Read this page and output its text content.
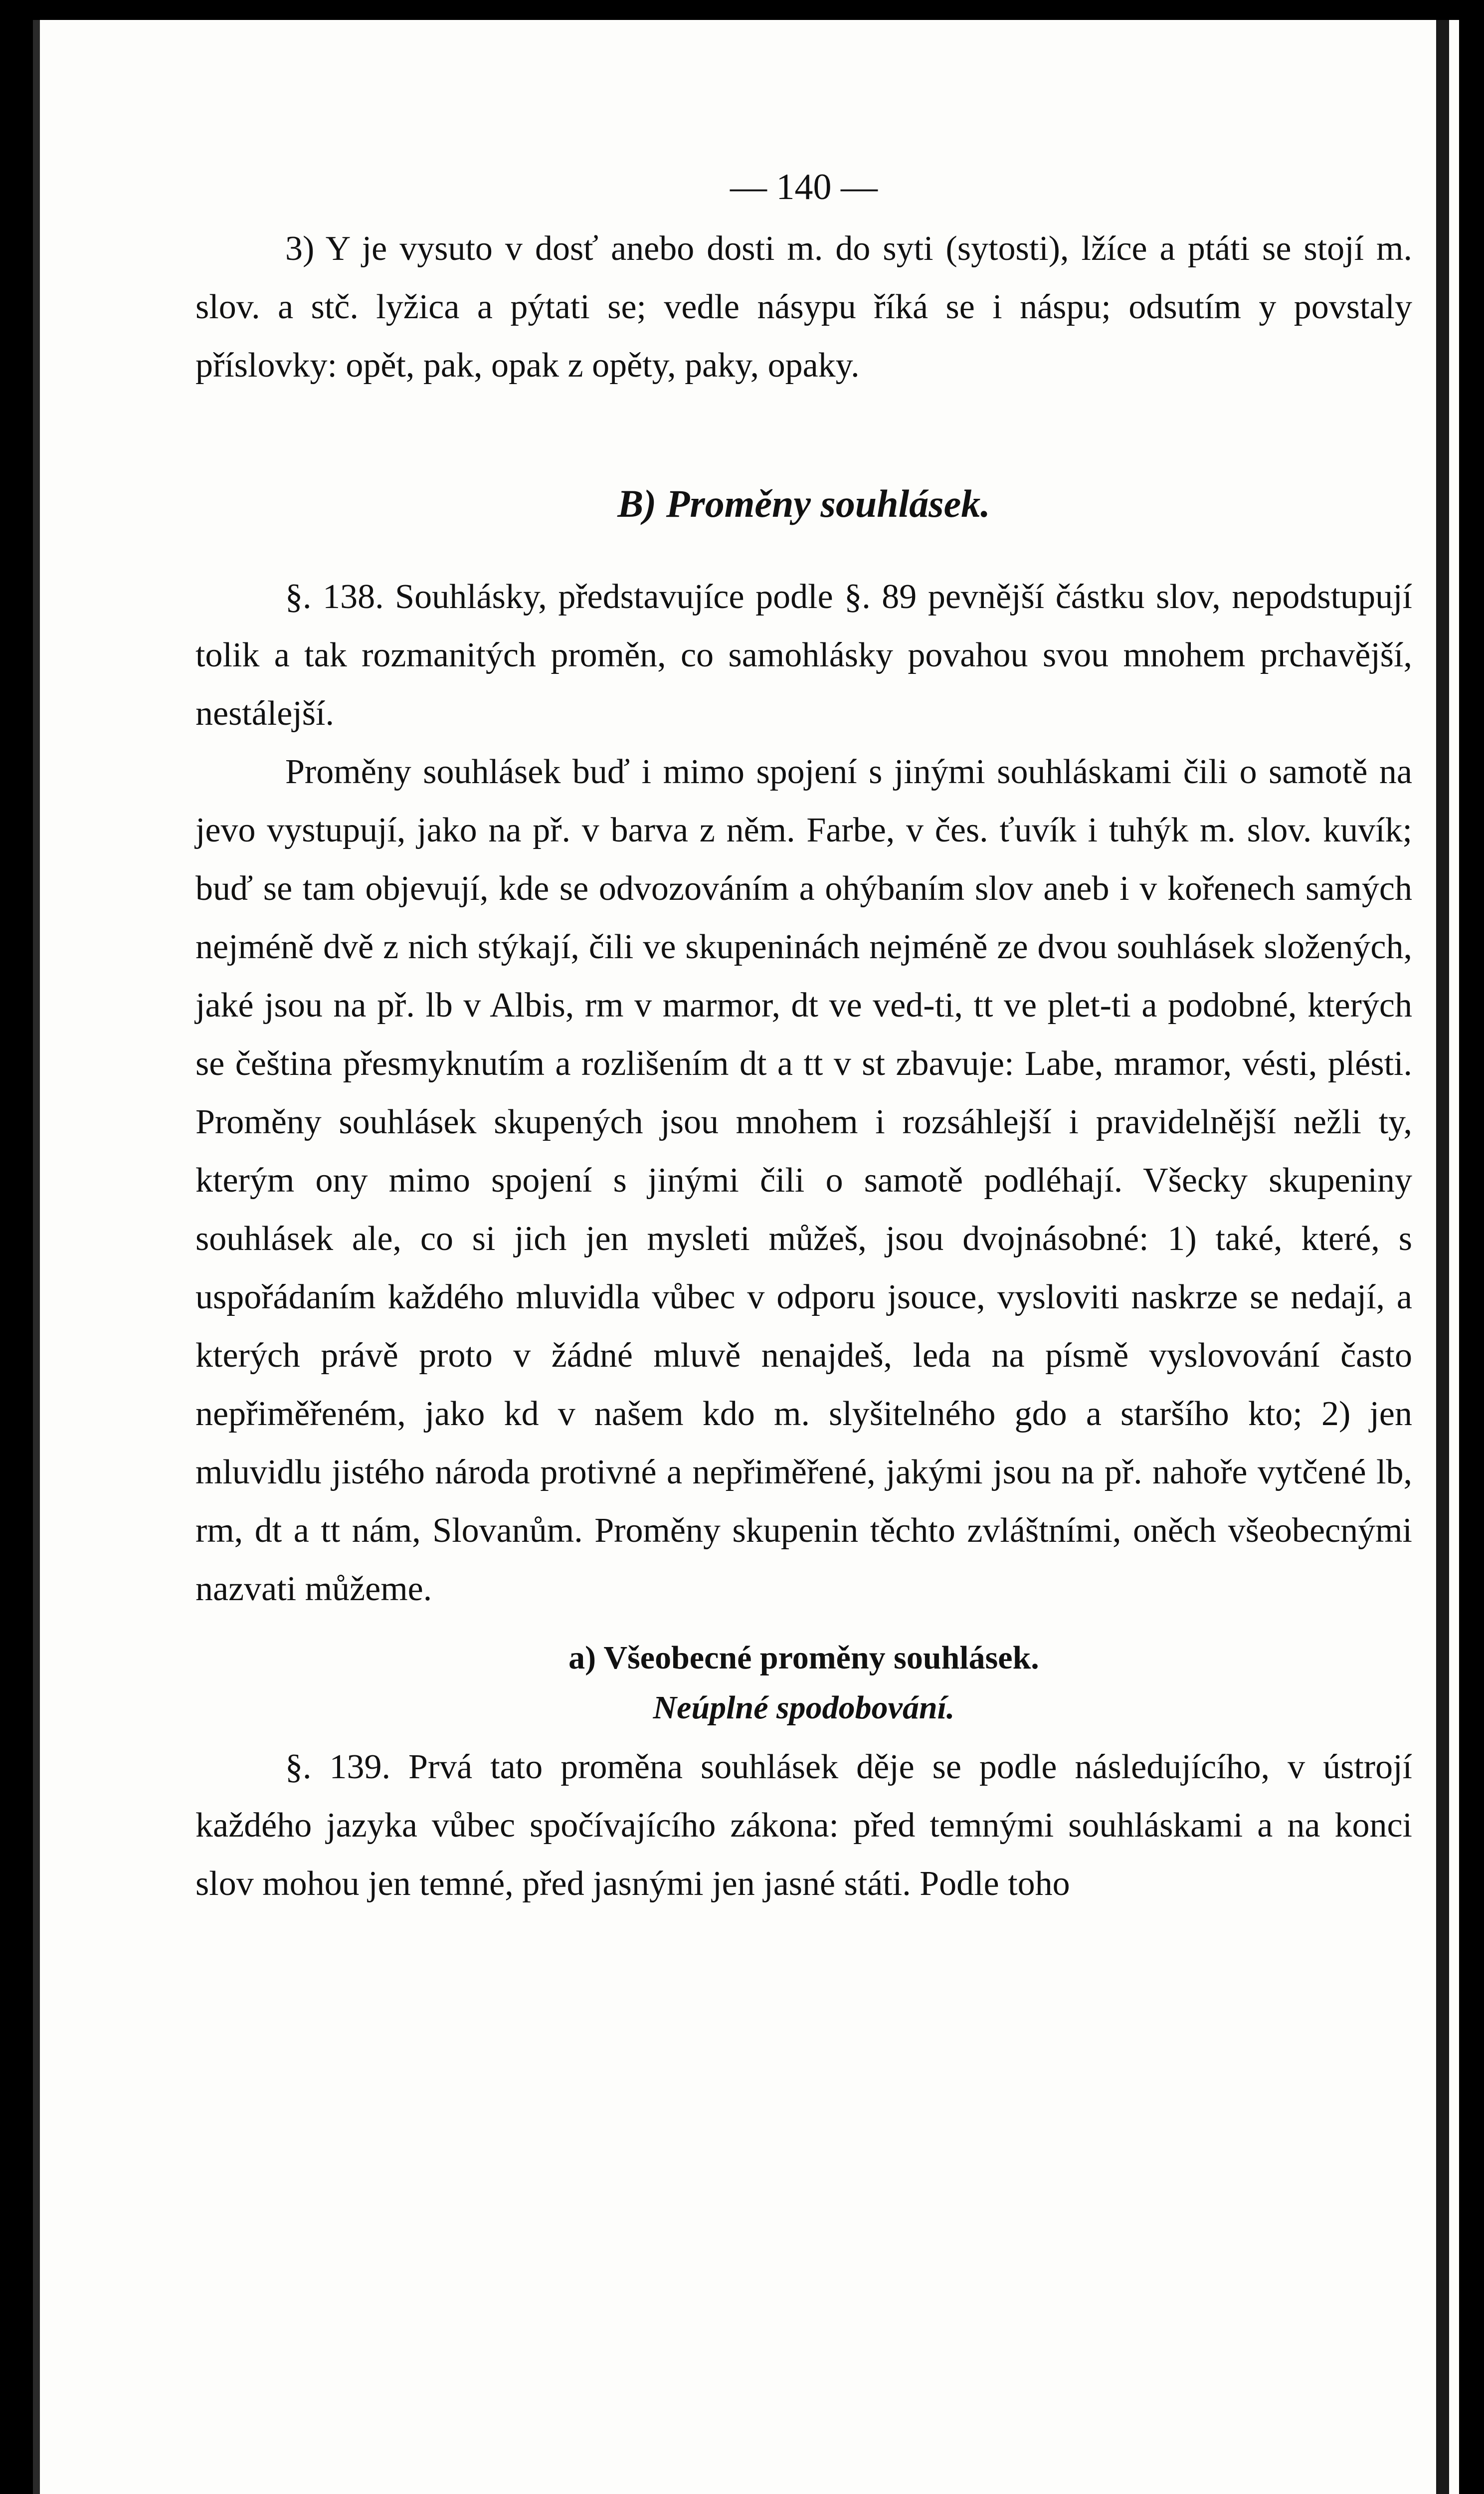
— 140 —

3) Y je vysuto v dosť anebo dosti m. do syti (sytosti), lžíce a ptáti se stojí m. slov. a stč. lyžica a pýtati se; vedle násypu říká se i náspu; odsutím y povstaly příslovky: opět, pak, opak z opěty, paky, opaky.

B) Proměny souhlásek.

§. 138. Souhlásky, představujíce podle §. 89 pevnější částku slov, nepodstupují tolik a tak rozmanitých proměn, co samohlásky povahou svou mnohem prchavější, nestálejší.

Proměny souhlásek buď i mimo spojení s jinými souhláskami čili o samotě na jevo vystupují, jako na př. v barva z něm. Farbe, v čes. ťuvík i tuhýk m. slov. kuvík; buď se tam objevují, kde se odvozováním a ohýbaním slov aneb i v kořenech samých nejméně dvě z nich stýkají, čili ve skupeninách nejméně ze dvou souhlásek složených, jaké jsou na př. lb v Albis, rm v marmor, dt ve ved-ti, tt ve plet-ti a podobné, kterých se čeština přesmyknutím a rozlišením dt a tt v st zbavuje: Labe, mramor, vésti, plésti. Proměny souhlásek skupených jsou mnohem i rozsáhlejší i pravidelnější nežli ty, kterým ony mimo spojení s jinými čili o samotě podléhají. Všecky skupeniny souhlásek ale, co si jich jen mysleti můžeš, jsou dvojnásobné: 1) také, které, s uspořádaním každého mluvidla vůbec v odporu jsouce, vysloviti naskrze se nedají, a kterých právě proto v žádné mluvě nenajdeš, leda na písmě vyslovování často nepřiměřeném, jako kd v našem kdo m. slyšitelného gdo a staršího kto; 2) jen mluvidlu jistého národa protivné a nepřiměřené, jakými jsou na př. nahoře vytčené lb, rm, dt a tt nám, Slovanům. Proměny skupenin těchto zvláštními, oněch všeobecnými nazvati můžeme.

a) Všeobecné proměny souhlásek.
Neúplné spodobování.

§. 139. Prvá tato proměna souhlásek děje se podle následujícího, v ústrojí každého jazyka vůbec spočívajícího zákona: před temnými souhláskami a na konci slov mohou jen temné, před jasnými jen jasné státi. Podle toho
